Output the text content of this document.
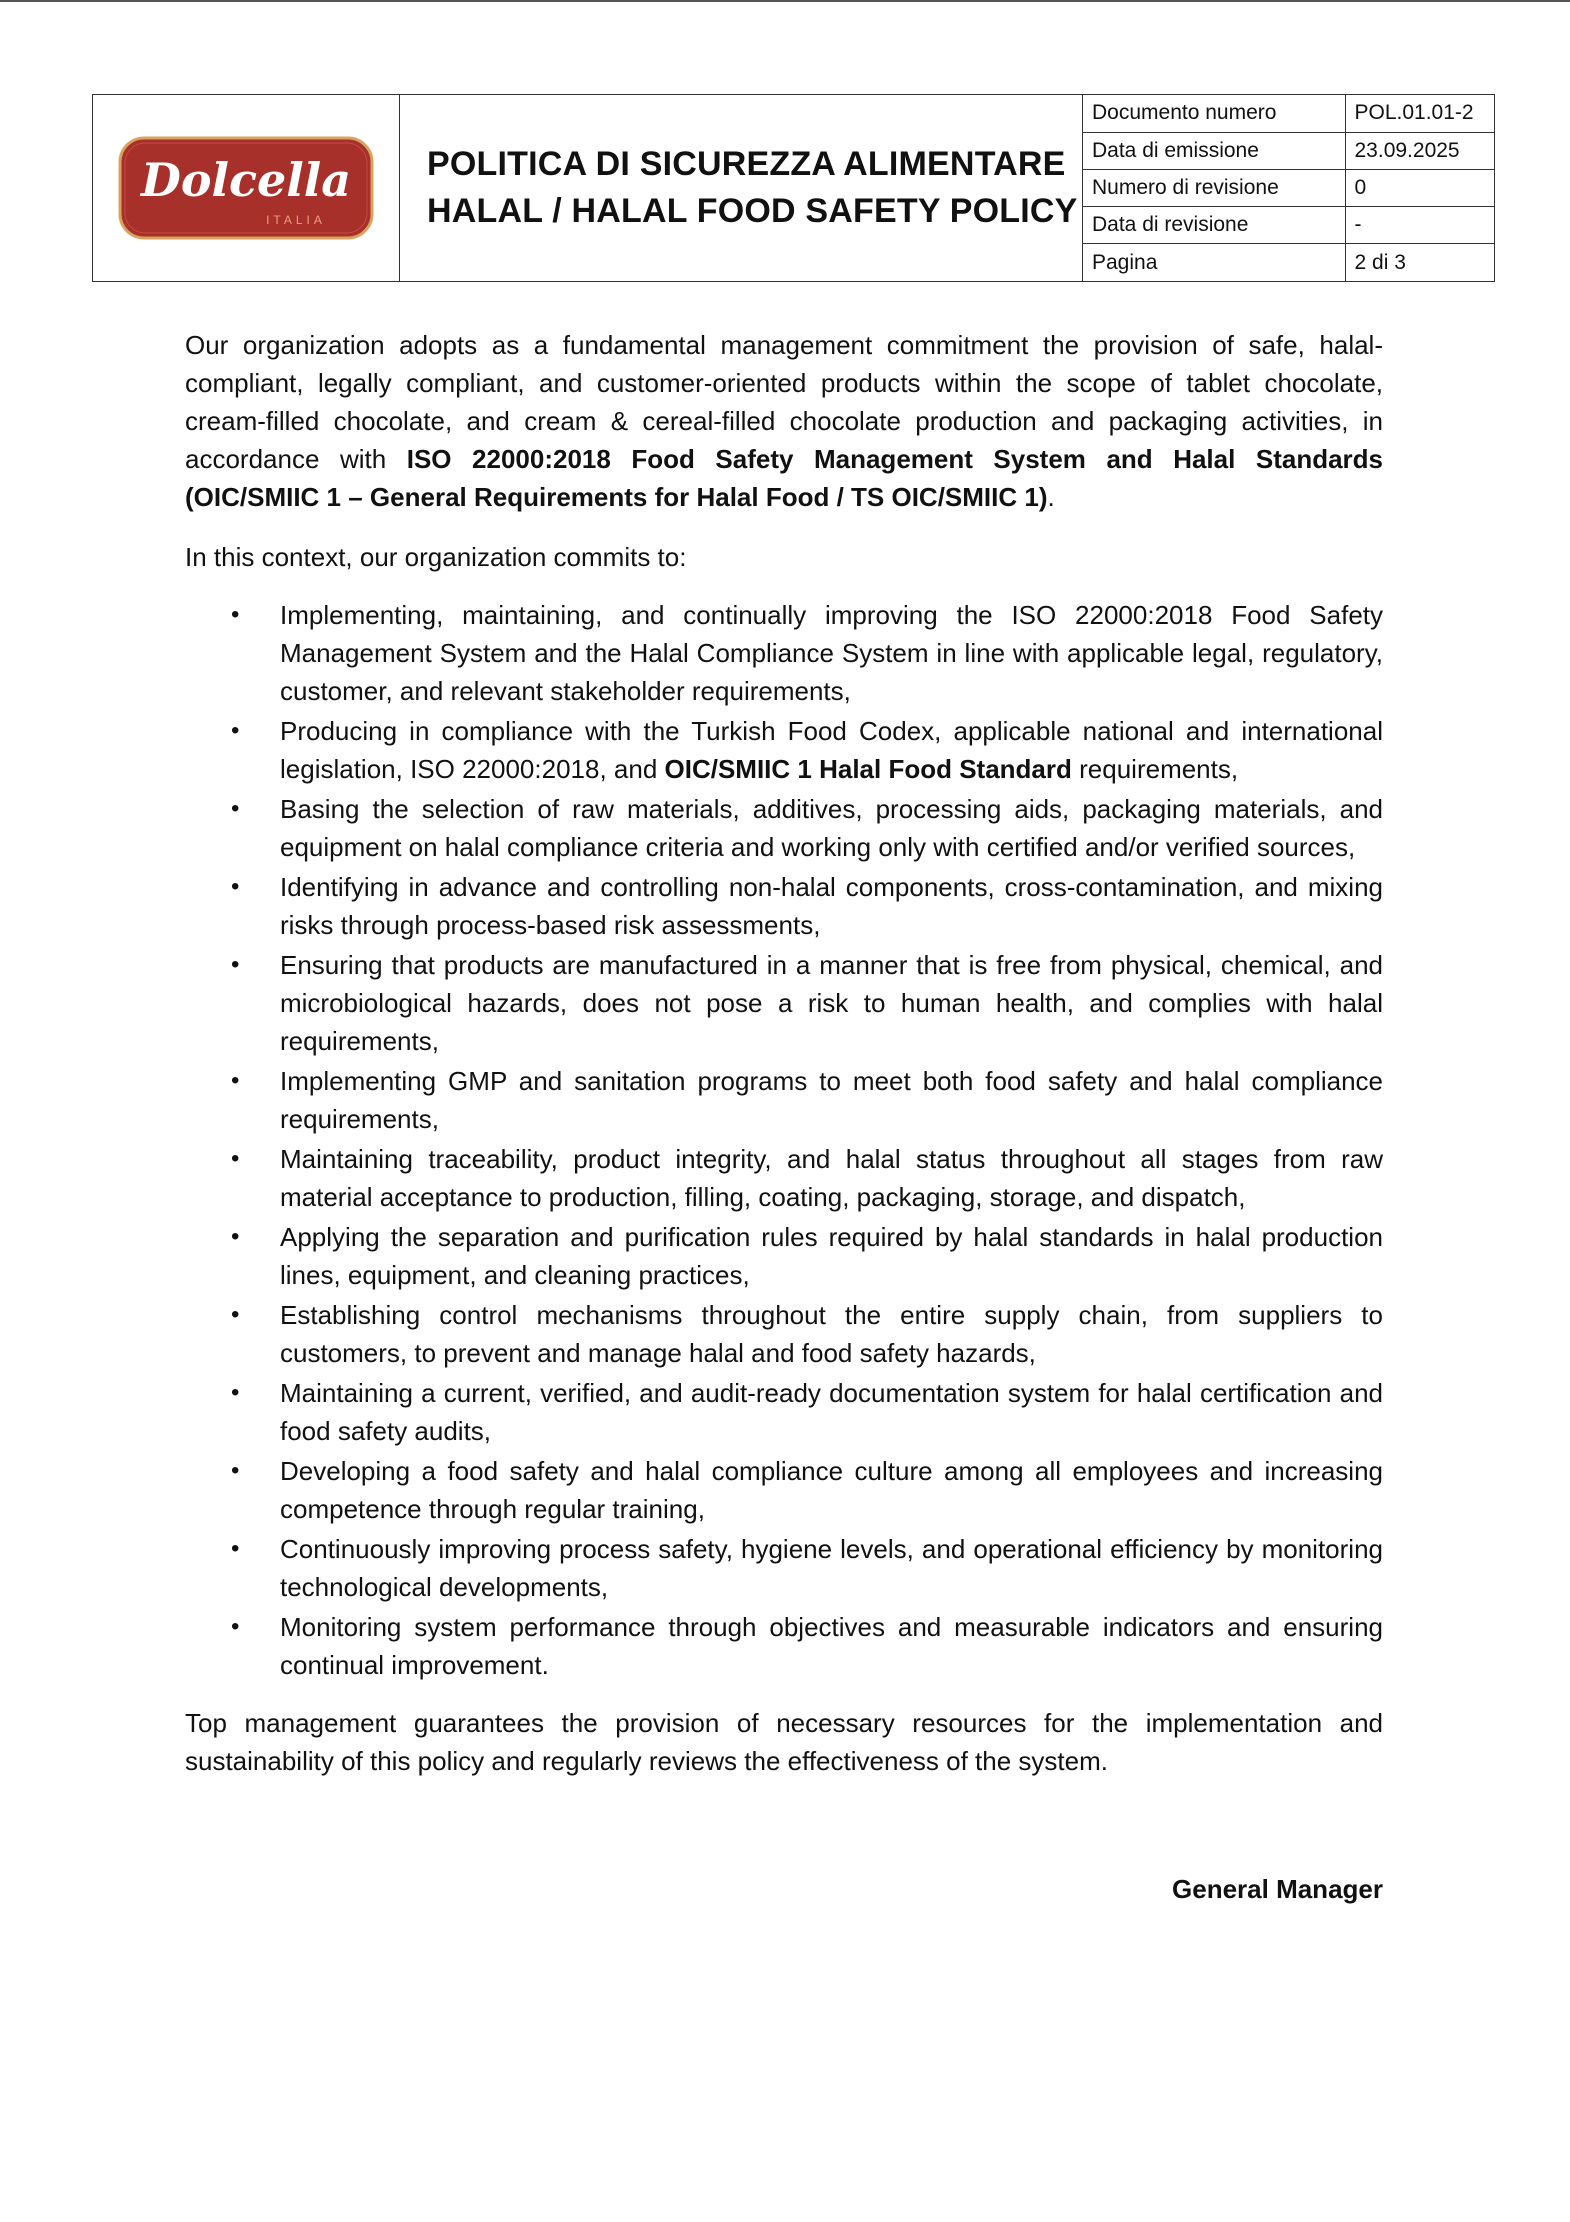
Dolcella
ITALIA
POLITICA DI SICUREZZA ALIMENTARE
HALAL / HALAL FOOD SAFETY POLICY
Documento numero	POL.01.01-2
Data di emissione	23.09.2025
Numero di revisione	0
Data di revisione	-
Pagina	2 di 3

Our organization adopts as a fundamental management commitment the provision of safe, halal-compliant, legally compliant, and customer-oriented products within the scope of tablet chocolate, cream-filled chocolate, and cream & cereal-filled chocolate production and packaging activities, in accordance with ISO 22000:2018 Food Safety Management System and Halal Standards (OIC/SMIIC 1 – General Requirements for Halal Food / TS OIC/SMIIC 1).

In this context, our organization commits to:

• Implementing, maintaining, and continually improving the ISO 22000:2018 Food Safety Management System and the Halal Compliance System in line with applicable legal, regulatory, customer, and relevant stakeholder requirements,
• Producing in compliance with the Turkish Food Codex, applicable national and international legislation, ISO 22000:2018, and OIC/SMIIC 1 Halal Food Standard requirements,
• Basing the selection of raw materials, additives, processing aids, packaging materials, and equipment on halal compliance criteria and working only with certified and/or verified sources,
• Identifying in advance and controlling non-halal components, cross-contamination, and mixing risks through process-based risk assessments,
• Ensuring that products are manufactured in a manner that is free from physical, chemical, and microbiological hazards, does not pose a risk to human health, and complies with halal requirements,
• Implementing GMP and sanitation programs to meet both food safety and halal compliance requirements,
• Maintaining traceability, product integrity, and halal status throughout all stages from raw material acceptance to production, filling, coating, packaging, storage, and dispatch,
• Applying the separation and purification rules required by halal standards in halal production lines, equipment, and cleaning practices,
• Establishing control mechanisms throughout the entire supply chain, from suppliers to customers, to prevent and manage halal and food safety hazards,
• Maintaining a current, verified, and audit-ready documentation system for halal certification and food safety audits,
• Developing a food safety and halal compliance culture among all employees and increasing competence through regular training,
• Continuously improving process safety, hygiene levels, and operational efficiency by monitoring technological developments,
• Monitoring system performance through objectives and measurable indicators and ensuring continual improvement.

Top management guarantees the provision of necessary resources for the implementation and sustainability of this policy and regularly reviews the effectiveness of the system.

General Manager
